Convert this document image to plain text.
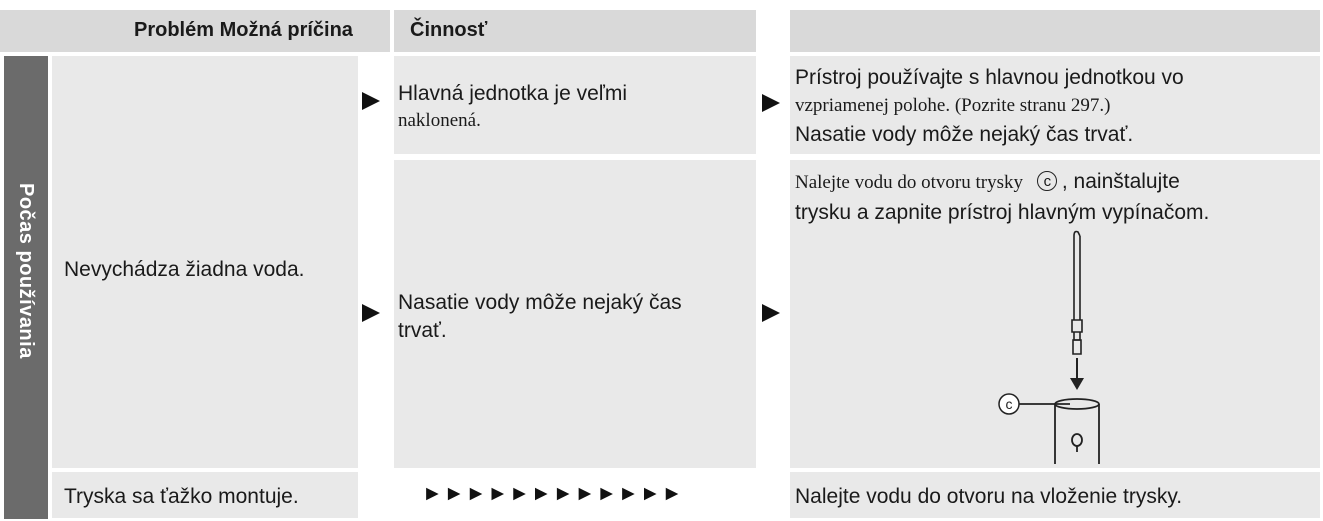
Problém Možná príčina	Činnosť
Počas používania Nevychádza žiadna voda.
Tryska sa ťažko montuje.
Hlavná jednotka je veľmi
naklonená.
Nasatie vody môže nejaký čas
trvať.
►►►►►►►►►►►►
Prístroj používajte s hlavnou jednotkou vo
vzpriamenej polohe. (Pozrite stranu 297.)
Nasatie vody môže nejaký čas trvať.
Nalejte vodu do otvoru trysky c , nainštalujte
trysku a zapnite prístroj hlavným vypínačom.
c
Nalejte vodu do otvoru na vloženie trysky.
